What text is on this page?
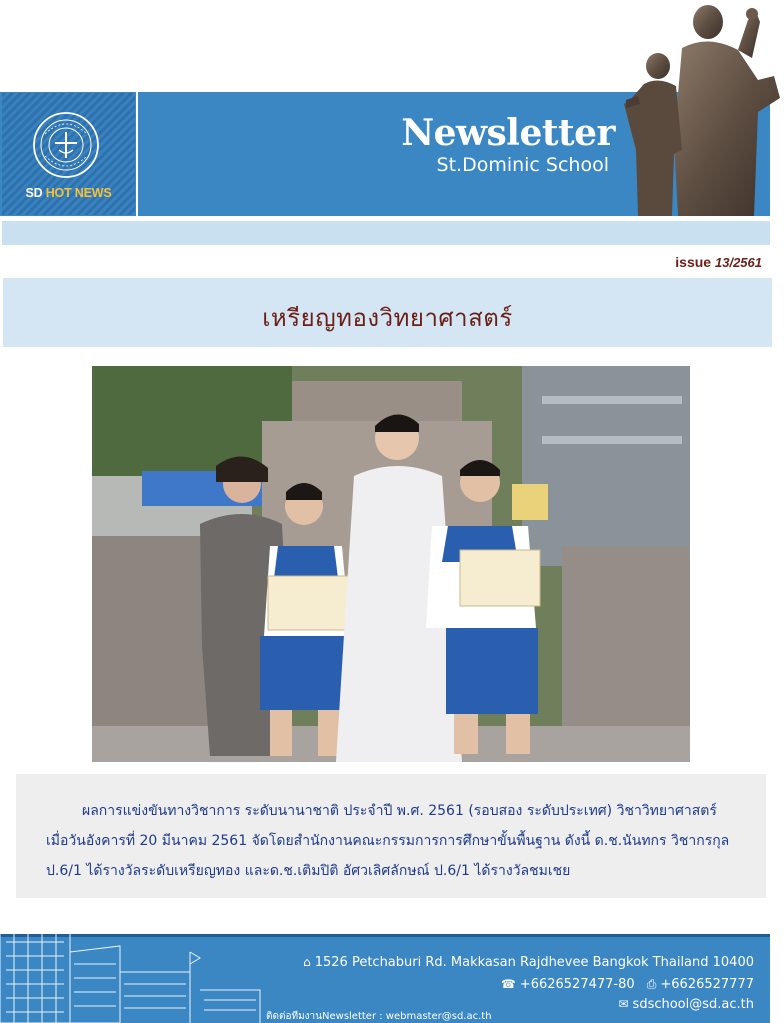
SD HOT NEWS
Newsletter
St.Dominic School
issue 13/2561
เหรียญทองวิทยาศาสตร์
ผลการแข่งขันทางวิชาการ ระดับนานาชาติ ประจำปี พ.ศ. 2561 (รอบสอง ระดับประเทศ) วิชาวิทยาศาสตร์
เมื่อวันอังคารที่ 20 มีนาคม 2561 จัดโดยสำนักงานคณะกรรมการการศึกษาขั้นพื้นฐาน ดังนี้ ด.ช.นันทกร วิชากรกุล
ป.6/1 ได้รางวัลระดับเหรียญทอง และด.ช.เติมปิติ อัศวเลิศลักษณ์ ป.6/1 ได้รางวัลชมเชย
⌂ 1526 Petchaburi Rd. Makkasan Rajdhevee Bangkok Thailand 10400
☎ +6626527477-80 ⎙ +6626527777
✉ sdschool@sd.ac.th
ติดต่อทีมงานNewsletter : webmaster@sd.ac.th
